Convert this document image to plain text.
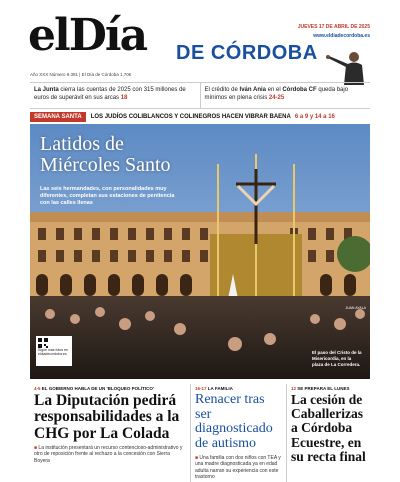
elDía DE CÓRDOBA
JUEVES 17 DE ABRIL DE 2025
www.eldiadecordoba.es
Año XXX Número 9.381 | El Día de Córdoba 1,70€
La Junta cierra las cuentas de 2025 con 315 millones de euros de superávit en sus arcas 18
El crédito de Iván Ania en el Córdoba CF queda bajo mínimos en plena crisis 24-25
SEMANA SANTA	LOS JUDÍOS COLIBLANCOS Y COLINEGROS HACEN VIBRAR BAENA 6 a 9 y 14 a 16
Latidos de
Miércoles Santo
Las seis hermandades, con personalidades muy diferentes, completan sus estaciones de penitencia con las calles llenas
JUAN AYALA
Sigue más fotos en eldiadecordoba.es	El paso del Cristo de la Misericordia, en la plaza de La Corredera.
4-5 EL GOBIERNO HABLA DE UN 'BLOQUEO POLÍTICO'
La Diputación pedirá responsabilidades a la CHG por La Colada
■ La institución presentará un recurso contencioso-administrativo y otro de reposición frente al rechazo a la concesión con Sierra Boyera
16-17 LA FAMILIA
Renacer tras ser diagnosticado de autismo
■ Una familia con dos niños con TEA y una madre diagnosticada ya en edad adulta narran su experiencia con este trastorno
12 SE PREPARA EL LUNES
La cesión de Caballerizas a Córdoba Ecuestre, en su recta final
